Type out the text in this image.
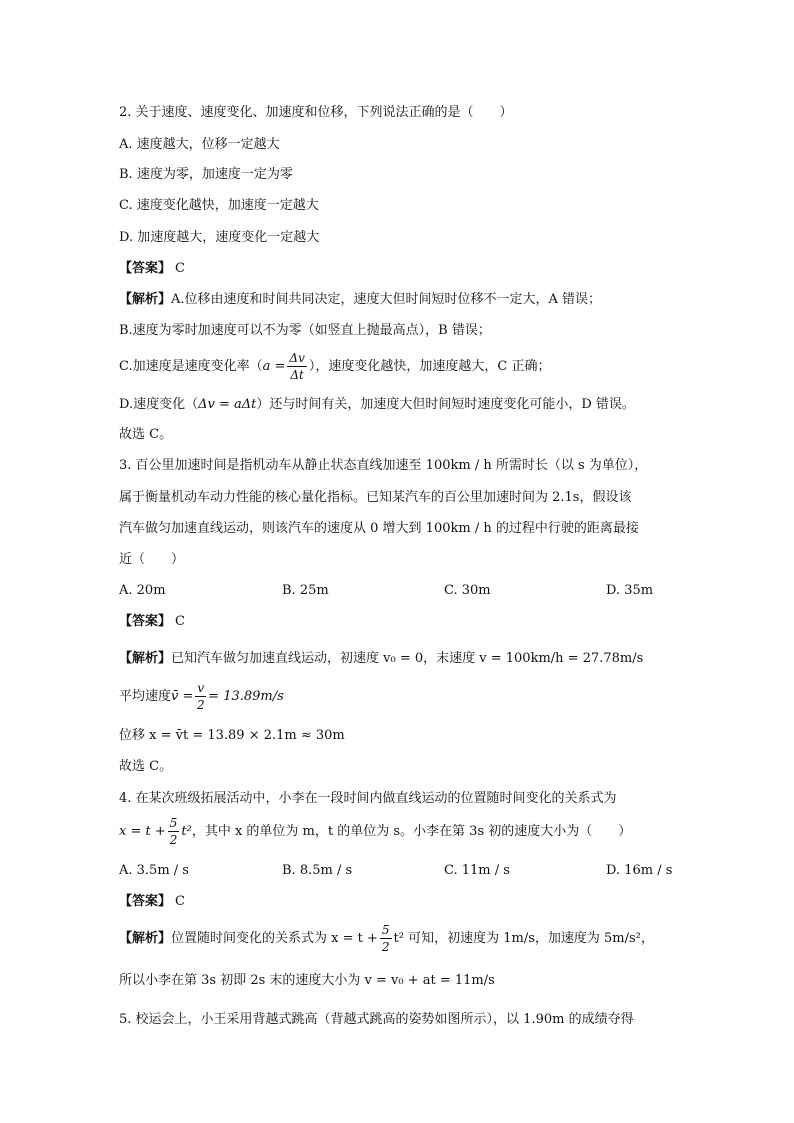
2. 关于速度、速度变化、加速度和位移，下列说法正确的是（　　）
A. 速度越大，位移一定越大
B. 速度为零，加速度一定为零
C. 速度变化越快，加速度一定越大
D. 加速度越大，速度变化一定越大
【答案】 C
【解析】A.位移由速度和时间共同决定，速度大但时间短时位移不一定大，A 错误；
B.速度为零时加速度可以不为零（如竖直上抛最高点），B 错误；
C.加速度是速度变化率（$a = \frac{\Delta v}{\Delta t}$ ），速度变化越快，加速度越大，C 正确；
D.速度变化（Δv = aΔt）还与时间有关，加速度大但时间短时速度变化可能小，D 错误。
故选 C。
3. 百公里加速时间是指机动车从静止状态直线加速至 100km / h 所需时长（以 s 为单位），
属于衡量机动车动力性能的核心量化指标。已知某汽车的百公里加速时间为 2.1s，假设该
汽车做匀加速直线运动，则该汽车的速度从 0 增大到 100km / h 的过程中行驶的距离最接
近（　　）
A. 20m	B. 25m	C. 30m	D. 35m
【答案】 C
【解析】已知汽车做匀加速直线运动，初速度 v₀ = 0，末速度 v = 100km/h = 27.78m/s
平均速度v̄ = $\frac{v}{2} = 13.89m/s$
位移 x = v̄t = 13.89 × 2.1m ≈ 30m
故选 C。
4. 在某次班级拓展活动中，小李在一段时间内做直线运动的位置随时间变化的关系式为
$x = t + \frac{5}{2} t^2$，其中 x 的单位为 m，t 的单位为 s。小李在第 3s 初的速度大小为（　　）
A. 3.5m / s	B. 8.5m / s	C. 11m / s	D. 16m / s
【答案】 C
【解析】位置随时间变化的关系式为 $x = t + \frac{5}{2} t^2$ 可知，初速度为 1m/s，加速度为 5m/s²，
所以小李在第 3s 初即 2s 末的速度大小为 v = v₀ + at = 11m/s
5. 校运会上，小王采用背越式跳高（背越式跳高的姿势如图所示），以 1.90m 的成绩夺得
